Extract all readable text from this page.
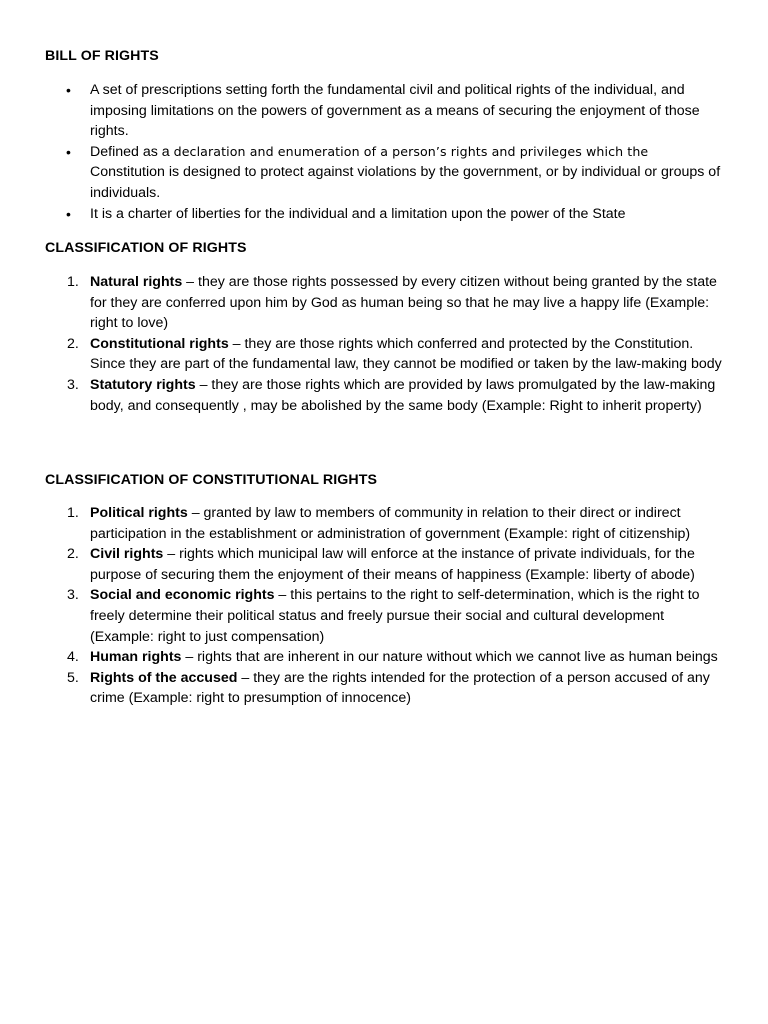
BILL OF RIGHTS
• A set of prescriptions setting forth the fundamental civil and political rights of the individual, and imposing limitations on the powers of government as a means of securing the enjoyment of those rights.
• Defined as a declaration and enumeration of a person’s rights and privileges which the Constitution is designed to protect against violations by the government, or by individual or groups of individuals.
• It is a charter of liberties for the individual and a limitation upon the power of the State
CLASSIFICATION OF RIGHTS
1. Natural rights – they are those rights possessed by every citizen without being granted by the state for they are conferred upon him by God as human being so that he may live a happy life (Example: right to love)
2. Constitutional rights – they are those rights which conferred and protected by the Constitution. Since they are part of the fundamental law, they cannot be modified or taken by the law-making body
3. Statutory rights – they are those rights which are provided by laws promulgated by the law-making body, and consequently , may be abolished by the same body (Example: Right to inherit property)
CLASSIFICATION OF CONSTITUTIONAL RIGHTS
1. Political rights – granted by law to members of community in relation to their direct or indirect participation in the establishment or administration of government (Example: right of citizenship)
2. Civil rights – rights which municipal law will enforce at the instance of private individuals, for the purpose of securing them the enjoyment of their means of happiness (Example: liberty of abode)
3. Social and economic rights – this pertains to the right to self-determination, which is the right to freely determine their political status and freely pursue their social and cultural development (Example: right to just compensation)
4. Human rights – rights that are inherent in our nature without which we cannot live as human beings
5. Rights of the accused – they are the rights intended for the protection of a person accused of any crime (Example: right to presumption of innocence)
